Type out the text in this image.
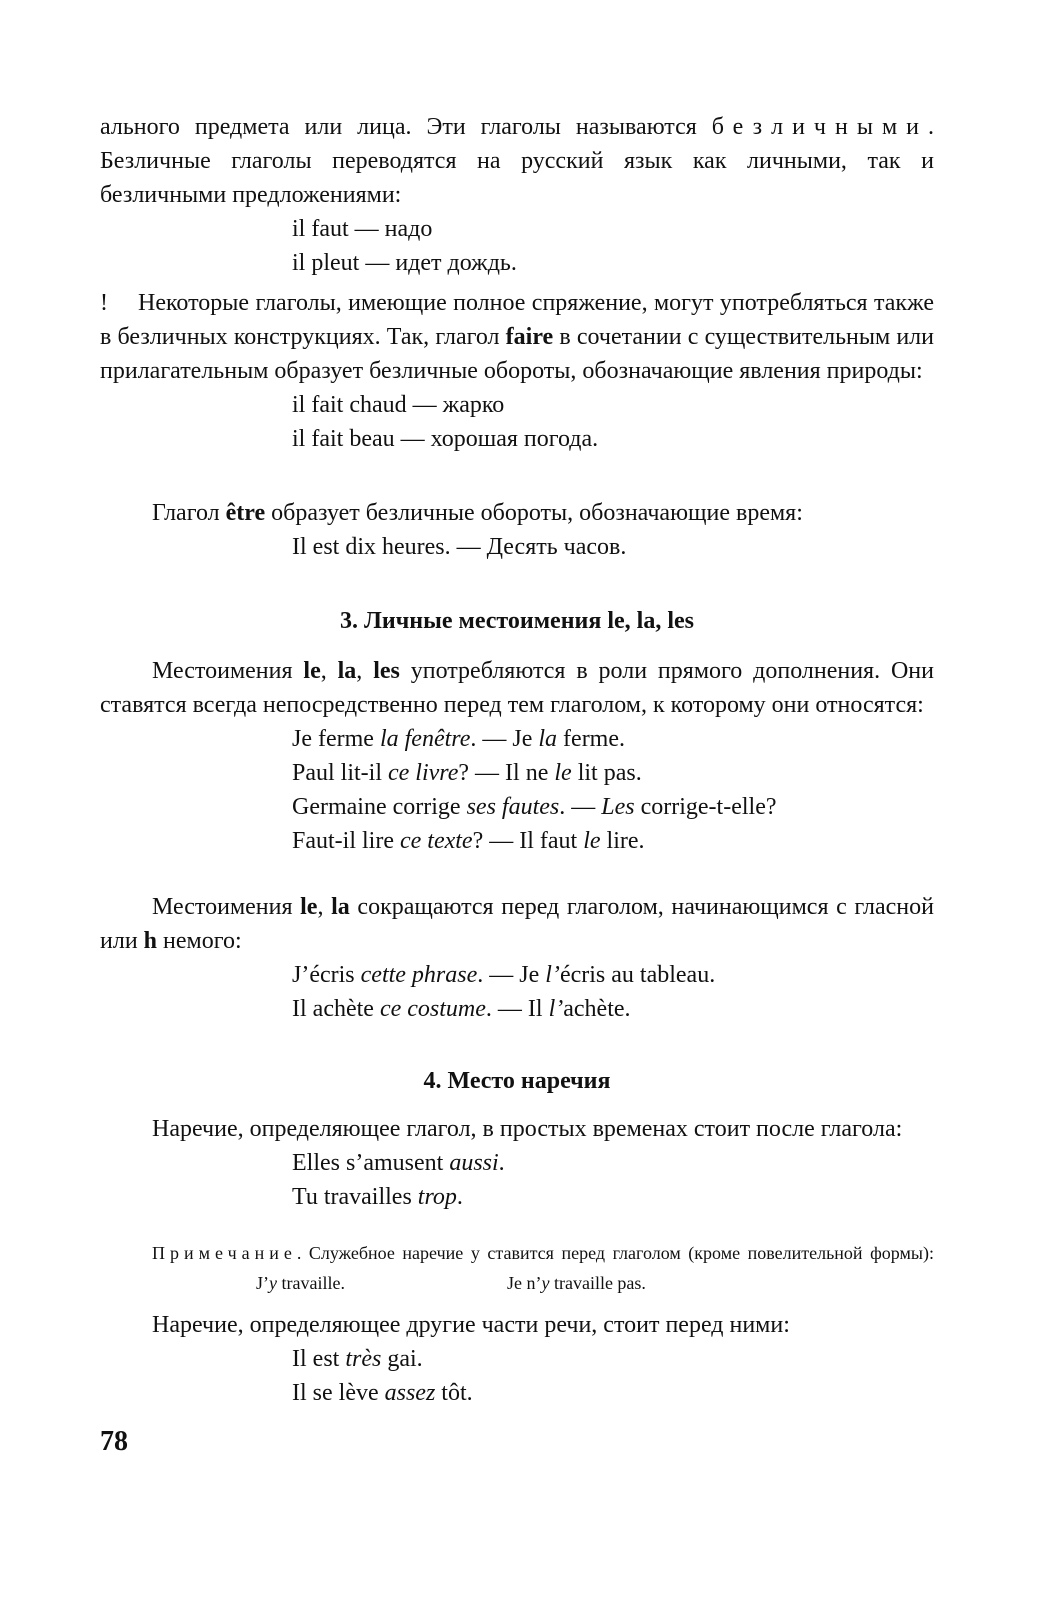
ального предмета или лица. Эти глаголы называются безличными. Безличные глаголы переводятся на русский язык как личными, так и безличными предложениями:

il faut — надо
il pleut — идет дождь.

! Некоторые глаголы, имеющие полное спряжение, могут употребляться также в безличных конструкциях. Так, глагол faire в сочетании с существительным или прилагательным образует безличные обороты, обозначающие явления природы:

il fait chaud — жарко
il fait beau — хорошая погода.

Глагол être образует безличные обороты, обозначающие время:

Il est dix heures. — Десять часов.

3. Личные местоимения le, la, les

Местоимения le, la, les употребляются в роли прямого дополнения. Они ставятся всегда непосредственно перед тем глаголом, к которому они относятся:

Je ferme la fenêtre. — Je la ferme.
Paul lit-il ce livre? — Il ne le lit pas.
Germaine corrige ses fautes. — Les corrige-t-elle?
Faut-il lire ce texte? — Il faut le lire.

Местоимения le, la сокращаются перед глаголом, начинающимся с гласной или h немого:

J’écris cette phrase. — Je l’écris au tableau.
Il achète ce costume. — Il l’achète.

4. Место наречия

Наречие, определяющее глагол, в простых временах стоит после глагола:

Elles s’amusent aussi.
Tu travailles trop.

Примечание. Служебное наречие y ставится перед глаголом (кроме повелительной формы):J’y travaille.	Je n’y travaille pas.

Наречие, определяющее другие части речи, стоит перед ними:

Il est très gai.
Il se lève assez tôt.
78
